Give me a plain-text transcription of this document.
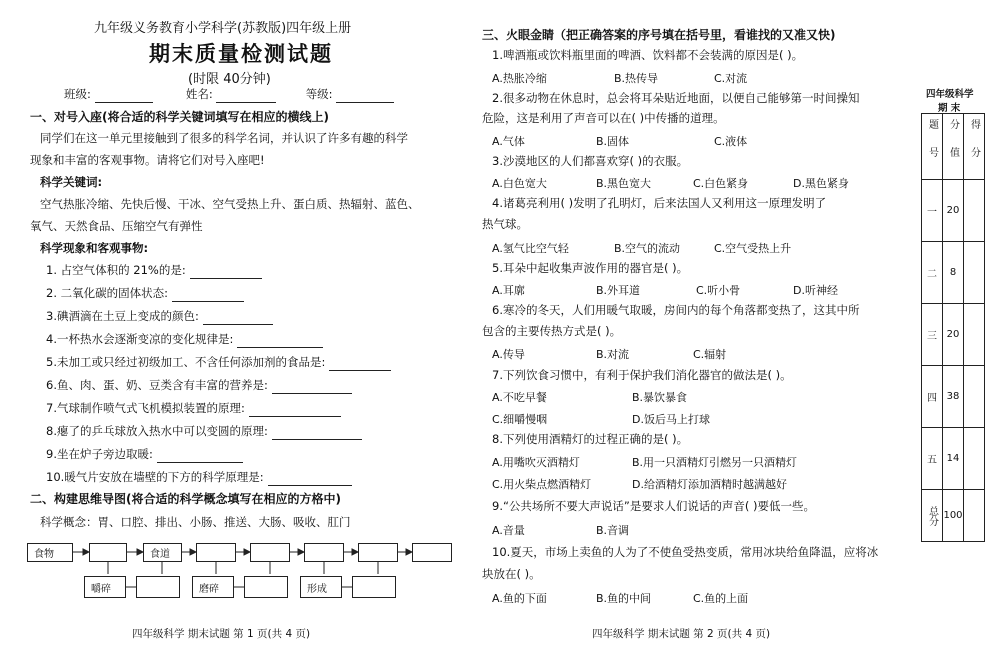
九年级义务教育小学科学(苏教版)四年级上册
期末质量检测试题
(时限 40分钟)
班级:	姓名:	等级:
一、对号入座(将合适的科学关键词填写在相应的横线上)
同学们在这一单元里接触到了很多的科学名词，并认识了许多有趣的科学
现象和丰富的客观事物。请将它们对号入座吧!
科学关键词:
空气热胀冷缩、先快后慢、干冰、空气受热上升、蛋白质、热辐射、蓝色、
氧气、天然食品、压缩空气有弹性
科学现象和客观事物:
1. 占空气体积的 21%的是:
2. 二氧化碳的固体状态:
3.碘酒滴在土豆上变成的颜色:
4.一杯热水会逐渐变凉的变化规律是:
5.未加工或只经过初级加工、不含任何添加剂的食品是:
6.鱼、肉、蛋、奶、豆类含有丰富的营养是:
7.气球制作喷气式飞机模拟装置的原理:
8.瘪了的乒乓球放入热水中可以变圆的原理:
9.坐在炉子旁边取暖:
10.暖气片安放在墙壁的下方的科学原理是:
二、构建思维导图(将合适的科学概念填写在相应的方格中)
科学概念：胃、口腔、排出、小肠、推送、大肠、吸收、肛门
食物	食道
嚼碎	磨碎	形成
四年级科学 期末试题 第 1 页(共 4 页)
三、火眼金睛（把正确答案的序号填在括号里，看谁找的又准又快)
1.啤酒瓶或饮料瓶里面的啤酒、饮料都不会装满的原因是( )。
A.热胀冷缩	B.热传导	C.对流
2.很多动物在休息时，总会将耳朵贴近地面，以便自己能够第一时间操知
危险，这是利用了声音可以在( )中传播的道理。
A.气体	B.固体	C.液体
3.沙漠地区的人们都喜欢穿( )的衣服。
A.白色宽大	B.黑色宽大	C.白色紧身	D.黑色紧身
4.诸葛亮利用( )发明了孔明灯，后来法国人又利用这一原理发明了
热气球。
A.氢气比空气轻	B.空气的流动	C.空气受热上升
5.耳朵中起收集声波作用的器官是( )。
A.耳廓	B.外耳道	C.听小骨	D.听神经
6.寒冷的冬天，人们用暖气取暖，房间内的每个角落都变热了，这其中所
包含的主要传热方式是( )。
A.传导	B.对流	C.辐射
7.下列饮食习惯中，有利于保护我们消化器官的做法是( )。
A.不吃早餐	B.暴饮暴食
C.细嚼慢咽	D.饭后马上打球
8.下列使用酒精灯的过程正确的是( )。
A.用嘴吹灭酒精灯	B.用一只酒精灯引燃另一只酒精灯
C.用火柴点燃酒精灯	D.给酒精灯添加酒精时越满越好
9.“公共场所不要大声说话”是要求人们说话的声音( )要低一些。
A.音量	B.音调
10.夏天，市场上卖鱼的人为了不使鱼受热变质，常用冰块给鱼降温，应将冰
块放在( )。
A.鱼的下面	B.鱼的中间	C.鱼的上面
四年级科学 期末试题 第 2 页(共 4 页)
四年级科学
期 末
题号	分值	得分
一	20	
二	8	
三	20	
四	38	
五	14	
总分	100	
